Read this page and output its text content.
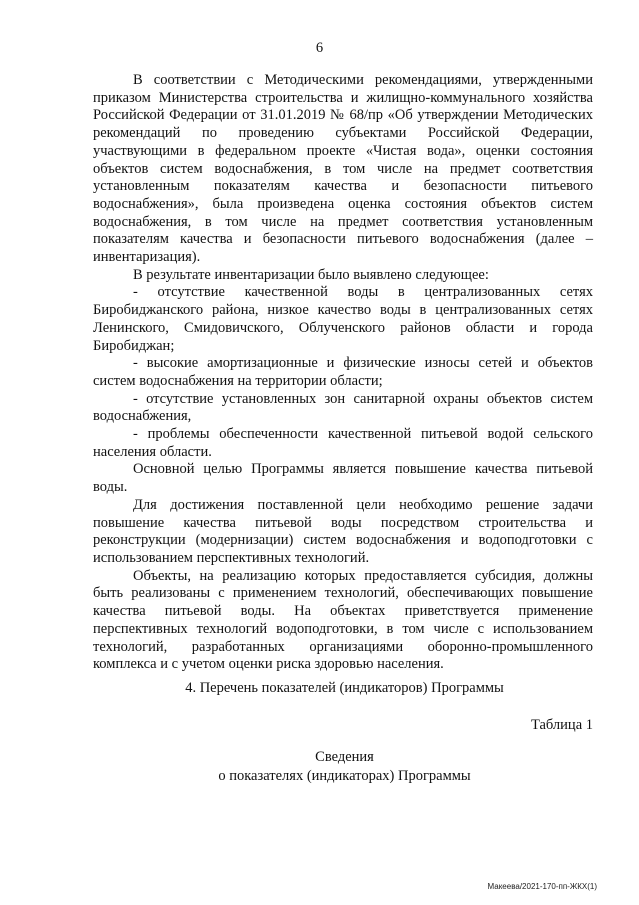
6

В соответствии с Методическими рекомендациями, утвержденными приказом Министерства строительства и жилищно-коммунального хозяйства Российской Федерации от 31.01.2019 № 68/пр «Об утверждении Методических рекомендаций по проведению субъектами Российской Федерации, участвующими в федеральном проекте «Чистая вода», оценки состояния объектов систем водоснабжения, в том числе на предмет соответствия установленным показателям качества и безопасности питьевого водоснабжения», была произведена оценка состояния объектов систем водоснабжения, в том числе на предмет соответствия установленным показателям качества и безопасности питьевого водоснабжения (далее – инвентаризация).

В результате инвентаризации было выявлено следующее:

- отсутствие качественной воды в централизованных сетях Биробиджанского района, низкое качество воды в централизованных сетях Ленинского, Смидовичского, Облученского районов области и города Биробиджан;

- высокие амортизационные и физические износы сетей и объектов систем водоснабжения на территории области;

- отсутствие установленных зон санитарной охраны объектов систем водоснабжения,

- проблемы обеспеченности качественной питьевой водой сельского населения области.

Основной целью Программы является повышение качества питьевой воды.

Для достижения поставленной цели необходимо решение задачи повышение качества питьевой воды посредством строительства и реконструкции (модернизации) систем водоснабжения и водоподготовки с использованием перспективных технологий.

Объекты, на реализацию которых предоставляется субсидия, должны быть реализованы с применением технологий, обеспечивающих повышение качества питьевой воды. На объектах приветствуется применение перспективных технологий водоподготовки, в том числе с использованием технологий, разработанных организациями оборонно-промышленного комплекса и с учетом оценки риска здоровью населения.

4. Перечень показателей (индикаторов) Программы
Таблица 1
Сведения
о показателях (индикаторах) Программы
Макеева/2021-170-пп-ЖКХ(1)
